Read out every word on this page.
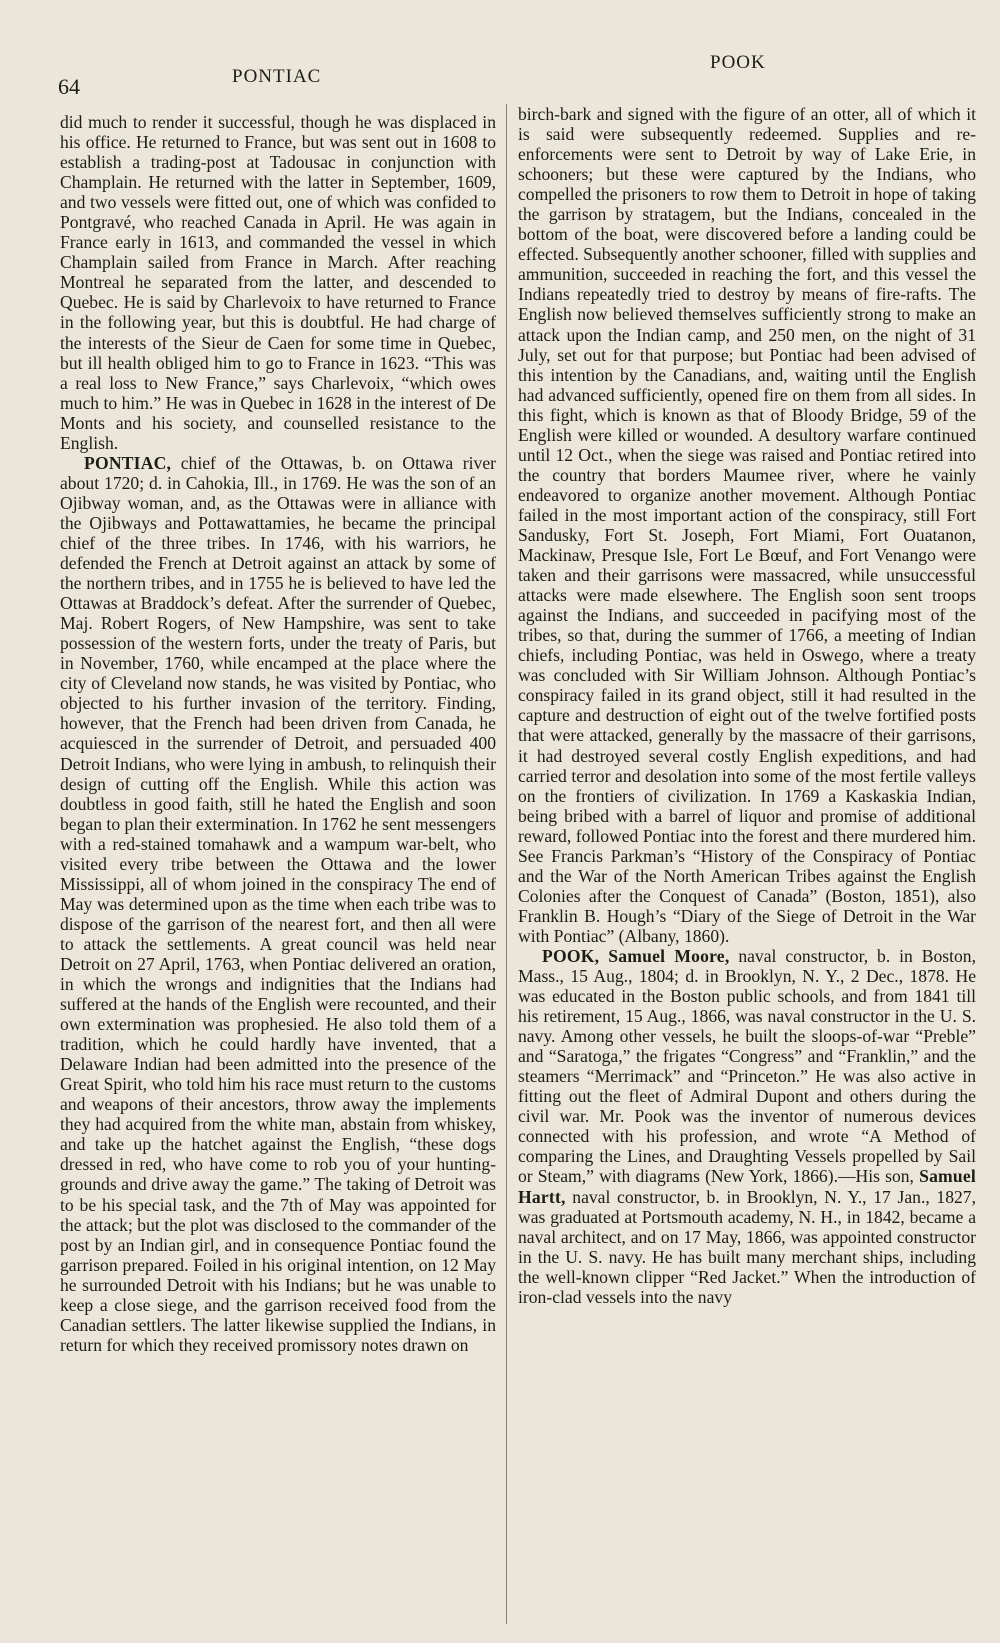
64	PONTIAC
POOK

did much to render it successful, though he was displaced in his office. He returned to France, but was sent out in 1608 to establish a trading-post at Tadousac in conjunction with Champlain. He returned with the latter in September, 1609, and two vessels were fitted out, one of which was confided to Pontgravé, who reached Canada in April. He was again in France early in 1613, and commanded the vessel in which Champlain sailed from France in March. After reaching Montreal he separated from the latter, and descended to Quebec. He is said by Charlevoix to have returned to France in the following year, but this is doubtful. He had charge of the interests of the Sieur de Caen for some time in Quebec, but ill health obliged him to go to France in 1623. “This was a real loss to New France,” says Charlevoix, “which owes much to him.” He was in Quebec in 1628 in the interest of De Monts and his society, and counselled resistance to the English.

PONTIAC, chief of the Ottawas, b. on Ottawa river about 1720; d. in Cahokia, Ill., in 1769. He was the son of an Ojibway woman, and, as the Ottawas were in alliance with the Ojibways and Pottawattamies, he became the principal chief of the three tribes. In 1746, with his warriors, he defended the French at Detroit against an attack by some of the northern tribes, and in 1755 he is believed to have led the Ottawas at Braddock’s defeat. After the surrender of Quebec, Maj. Robert Rogers, of New Hampshire, was sent to take possession of the western forts, under the treaty of Paris, but in November, 1760, while encamped at the place where the city of Cleveland now stands, he was visited by Pontiac, who objected to his further invasion of the territory. Finding, however, that the French had been driven from Canada, he acquiesced in the surrender of Detroit, and persuaded 400 Detroit Indians, who were lying in ambush, to relinquish their design of cutting off the English. While this action was doubtless in good faith, still he hated the English and soon began to plan their extermination. In 1762 he sent messengers with a red-stained tomahawk and a wampum war-belt, who visited every tribe between the Ottawa and the lower Mississippi, all of whom joined in the conspiracy The end of May was determined upon as the time when each tribe was to dispose of the garrison of the nearest fort, and then all were to attack the settlements. A great council was held near Detroit on 27 April, 1763, when Pontiac delivered an oration, in which the wrongs and indignities that the Indians had suffered at the hands of the English were recounted, and their own extermination was prophesied. He also told them of a tradition, which he could hardly have invented, that a Delaware Indian had been admitted into the presence of the Great Spirit, who told him his race must return to the customs and weapons of their ancestors, throw away the implements they had acquired from the white man, abstain from whiskey, and take up the hatchet against the English, “these dogs dressed in red, who have come to rob you of your hunting-grounds and drive away the game.” The taking of Detroit was to be his special task, and the 7th of May was appointed for the attack; but the plot was disclosed to the commander of the post by an Indian girl, and in consequence Pontiac found the garrison prepared. Foiled in his original intention, on 12 May he surrounded Detroit with his Indians; but he was unable to keep a close siege, and the garrison received food from the Canadian settlers. The latter likewise supplied the Indians, in return for which they received promissory notes drawn on

birch-bark and signed with the figure of an otter, all of which it is said were subsequently redeemed. Supplies and re-enforcements were sent to Detroit by way of Lake Erie, in schooners; but these were captured by the Indians, who compelled the prisoners to row them to Detroit in hope of taking the garrison by stratagem, but the Indians, concealed in the bottom of the boat, were discovered before a landing could be effected. Subsequently another schooner, filled with supplies and ammunition, succeeded in reaching the fort, and this vessel the Indians repeatedly tried to destroy by means of fire-rafts. The English now believed themselves sufficiently strong to make an attack upon the Indian camp, and 250 men, on the night of 31 July, set out for that purpose; but Pontiac had been advised of this intention by the Canadians, and, waiting until the English had advanced sufficiently, opened fire on them from all sides. In this fight, which is known as that of Bloody Bridge, 59 of the English were killed or wounded. A desultory warfare continued until 12 Oct., when the siege was raised and Pontiac retired into the country that borders Maumee river, where he vainly endeavored to organize another movement. Although Pontiac failed in the most important action of the conspiracy, still Fort Sandusky, Fort St. Joseph, Fort Miami, Fort Ouatanon, Mackinaw, Presque Isle, Fort Le Bœuf, and Fort Venango were taken and their garrisons were massacred, while unsuccessful attacks were made elsewhere. The English soon sent troops against the Indians, and succeeded in pacifying most of the tribes, so that, during the summer of 1766, a meeting of Indian chiefs, including Pontiac, was held in Oswego, where a treaty was concluded with Sir William Johnson. Although Pontiac’s conspiracy failed in its grand object, still it had resulted in the capture and destruction of eight out of the twelve fortified posts that were attacked, generally by the massacre of their garrisons, it had destroyed several costly English expeditions, and had carried terror and desolation into some of the most fertile valleys on the frontiers of civilization. In 1769 a Kaskaskia Indian, being bribed with a barrel of liquor and promise of additional reward, followed Pontiac into the forest and there murdered him. See Francis Parkman’s “History of the Conspiracy of Pontiac and the War of the North American Tribes against the English Colonies after the Conquest of Canada” (Boston, 1851), also Franklin B. Hough’s “Diary of the Siege of Detroit in the War with Pontiac” (Albany, 1860).

POOK, Samuel Moore, naval constructor, b. in Boston, Mass., 15 Aug., 1804; d. in Brooklyn, N. Y., 2 Dec., 1878. He was educated in the Boston public schools, and from 1841 till his retirement, 15 Aug., 1866, was naval constructor in the U. S. navy. Among other vessels, he built the sloops-of-war “Preble” and “Saratoga,” the frigates “Congress” and “Franklin,” and the steamers “Merrimack” and “Princeton.” He was also active in fitting out the fleet of Admiral Dupont and others during the civil war. Mr. Pook was the inventor of numerous devices connected with his profession, and wrote “A Method of comparing the Lines, and Draughting Vessels propelled by Sail or Steam,” with diagrams (New York, 1866).—His son, Samuel Hartt, naval constructor, b. in Brooklyn, N. Y., 17 Jan., 1827, was graduated at Portsmouth academy, N. H., in 1842, became a naval architect, and on 17 May, 1866, was appointed constructor in the U. S. navy. He has built many merchant ships, including the well-known clipper “Red Jacket.” When the introduction of iron-clad vessels into the navy
